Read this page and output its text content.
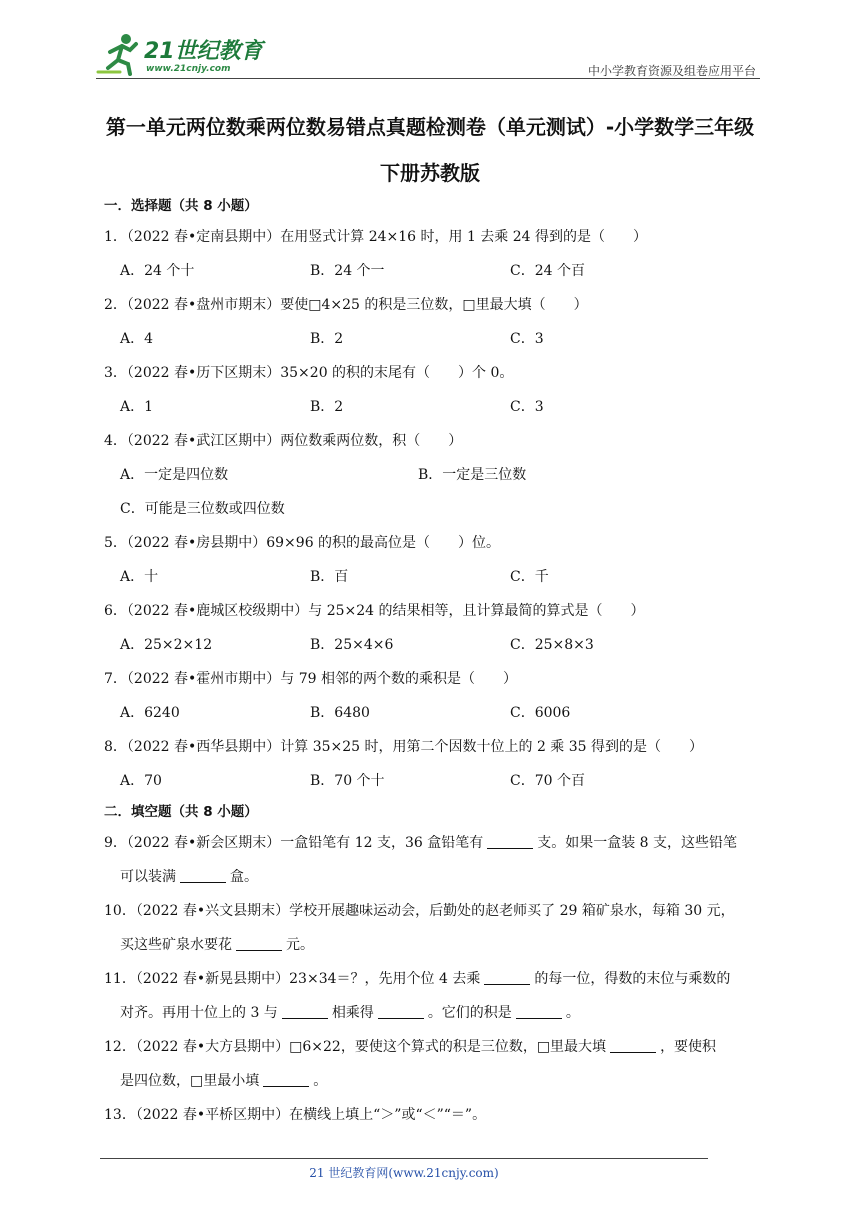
21世纪教育
www.21cnjy.com	中小学教育资源及组卷应用平台
第一单元两位数乘两位数易错点真题检测卷（单元测试）-小学数学三年级下册苏教版
一．选择题（共 8 小题）
1．（2022 春•定南县期中）在用竖式计算 24×16 时，用 1 去乘 24 得到的是（　　）
A．24 个十	B．24 个一	C．24 个百
2．（2022 春•盘州市期末）要使□4×25 的积是三位数，□里最大填（　　）
A．4	B．2	C．3
3．（2022 春•历下区期末）35×20 的积的末尾有（　　）个 0。
A．1	B．2	C．3
4．（2022 春•武江区期中）两位数乘两位数，积（　　）
A．一定是四位数	B．一定是三位数
C．可能是三位数或四位数
5．（2022 春•房县期中）69×96 的积的最高位是（　　）位。
A．十	B．百	C．千
6．（2022 春•鹿城区校级期中）与 25×24 的结果相等，且计算最简的算式是（　　）
A．25×2×12	B．25×4×6	C．25×8×3
7．（2022 春•霍州市期中）与 79 相邻的两个数的乘积是（　　）
A．6240	B．6480	C．6006
8．（2022 春•西华县期中）计算 35×25 时，用第二个因数十位上的 2 乘 35 得到的是（　　）
A．70	B．70 个十	C．70 个百
二．填空题（共 8 小题）
9．（2022 春•新会区期末）一盒铅笔有 12 支，36 盒铅笔有	支。如果一盒装 8 支，这些铅笔
可以装满	盒。
10．（2022 春•兴文县期末）学校开展趣味运动会，后勤处的赵老师买了 29 箱矿泉水，每箱 30 元，
买这些矿泉水要花	元。
11．（2022 春•新晃县期中）23×34＝？，先用个位 4 去乘	的每一位，得数的末位与乘数的
对齐。再用十位上的 3 与	相乘得	。它们的积是	。
12．（2022 春•大方县期中）□6×22，要使这个算式的积是三位数，□里最大填	，要使积
是四位数，□里最小填	。
13．（2022 春•平桥区期中）在横线上填上“＞”或“＜”“＝”。
21 世纪教育网(www.21cnjy.com)
